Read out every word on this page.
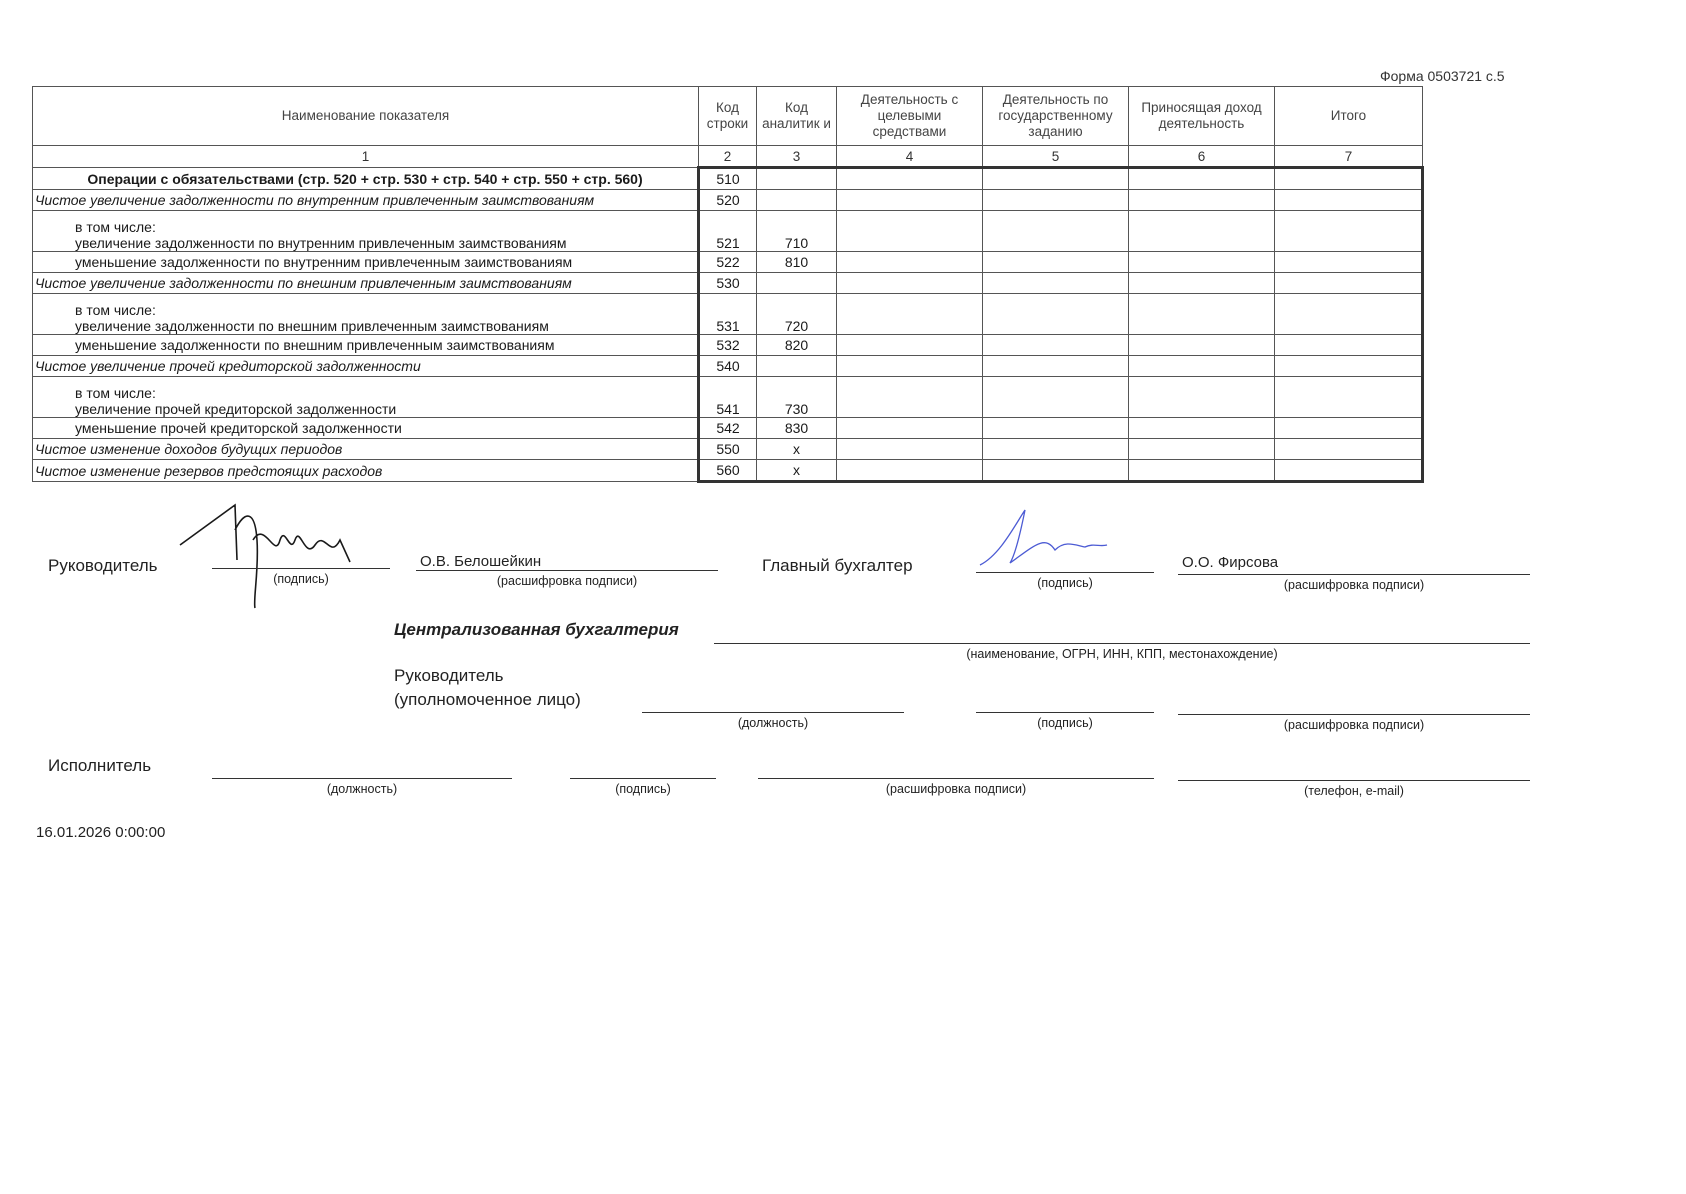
Форма 0503721 с.5
Наименование показателя	Код строки	Код аналитик и	Деятельность с целевыми средствами	Деятельность по государственному заданию	Приносящая доход деятельность	Итого
1	2	3	4	5	6	7

Операции с обязательствами (стр. 520 + стр. 530 + стр. 540 + стр. 550 + стр. 560)	510					

Чистое увеличение задолженности по внутренним привлеченным заимствованиям	520					

в том числе:
увеличение задолженности по внутренним привлеченным заимствованиям	521	710				

уменьшение задолженности по внутренним привлеченным заимствованиям	522	810				

Чистое увеличение задолженности по внешним привлеченным заимствованиям	530					

в том числе:
увеличение задолженности по внешним привлеченным заимствованиям	531	720				

уменьшение задолженности по внешним привлеченным заимствованиям	532	820				

Чистое увеличение прочей кредиторской задолженности	540					

в том числе:
увеличение прочей кредиторской задолженности	541	730				

уменьшение прочей кредиторской задолженности	542	830				

Чистое изменение доходов будущих периодов	550	x				

Чистое изменение резервов предстоящих расходов	560	x				
Руководитель
(подпись)
О.В. Белошейкин
(расшифровка подписи)
Главный бухгалтер
(подпись)
О.О. Фирсова
(расшифровка подписи)
Централизованная бухгалтерия
(наименование, ОГРН, ИНН, КПП, местонахождение)
Руководитель
(уполномоченное лицо)
(должность)	(подпись)	(расшифровка подписи)
Исполнитель
(должность)	(подпись)	(расшифровка подписи)	(телефон, e-mail)
16.01.2026 0:00:00
